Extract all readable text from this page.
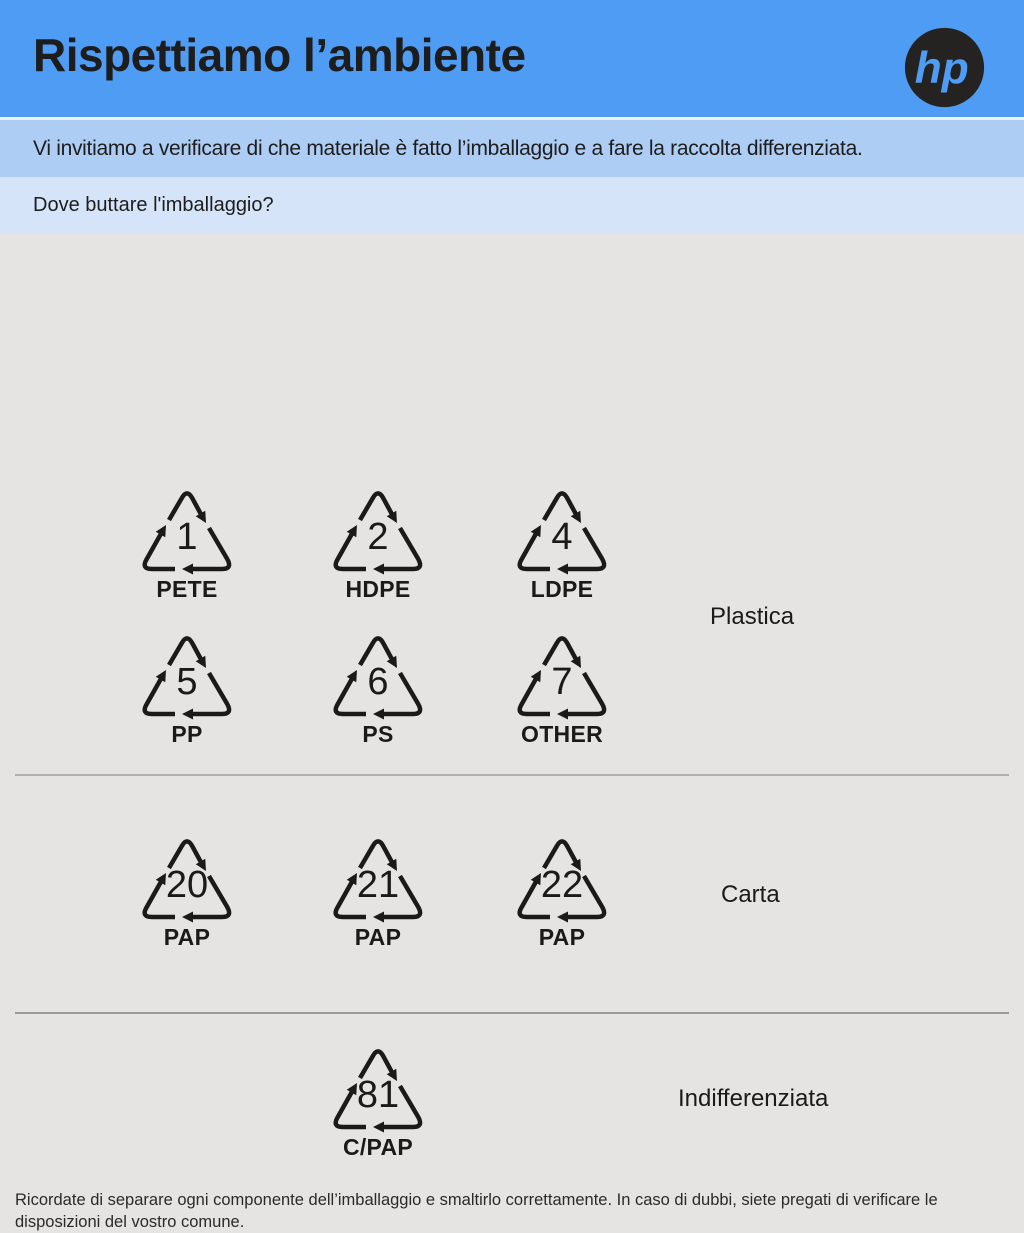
Rispettiamo l’ambiente	hp
Vi invitiamo a verificare di che materiale è fatto l’imballaggio e a fare la raccolta differenziata.
Dove buttare l'imballaggio?
1
PETE
2
HDPE
4
LDPE
5
PP
6
PS
7
OTHER
Plastica
20
PAP
21
PAP
22
PAP
Carta
81
C/PAP
Indifferenziata
Ricordate di separare ogni componente dell’imballaggio e smaltirlo correttamente. In caso di dubbi, siete pregati di verificare le disposizioni del vostro comune.
